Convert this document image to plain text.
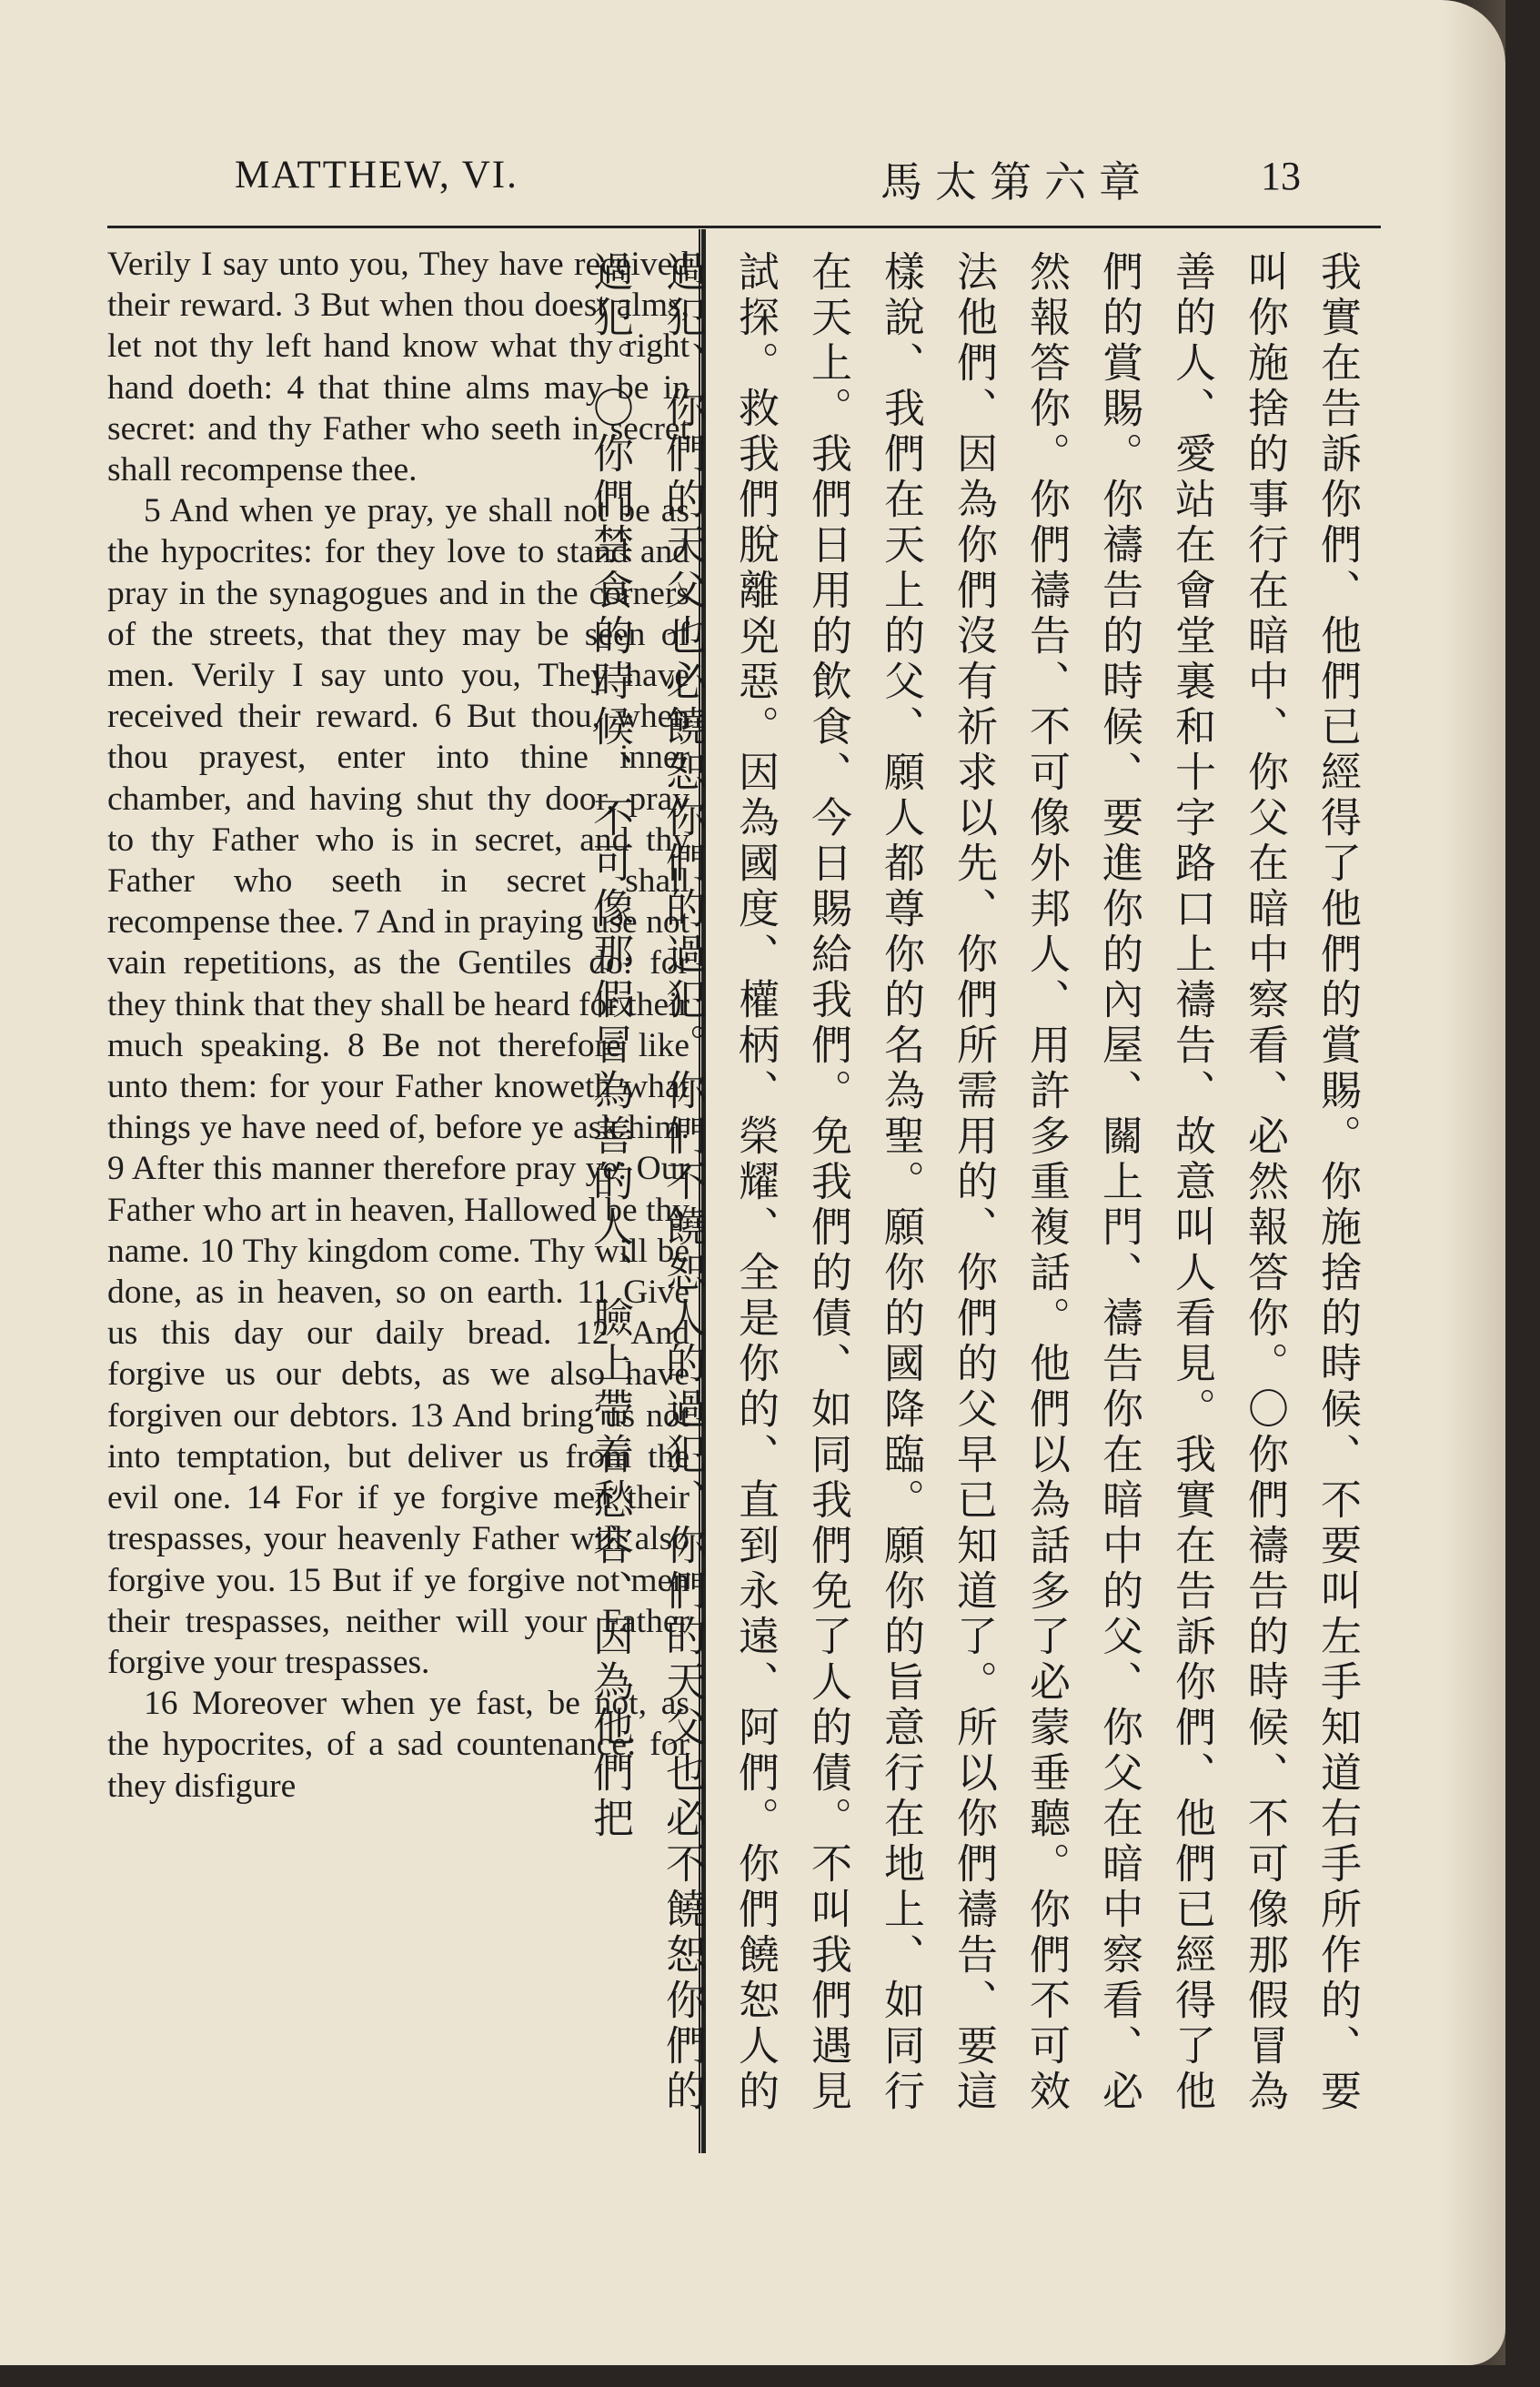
MATTHEW, VI.	馬太第六章	13

Verily I say unto you, They have received their reward. 3 But when thou doest alms, let not thy left hand know what thy right hand doeth: 4 that thine alms may be in secret: and thy Father who seeth in secret shall recompense thee.

5 And when ye pray, ye shall not be as the hypocrites: for they love to stand and pray in the synagogues and in the corners of the streets, that they may be seen of men. Verily I say unto you, They have received their reward. 6 But thou, when thou prayest, enter into thine inner chamber, and having shut thy door, pray to thy Father who is in secret, and thy Father who seeth in secret shall recompense thee. 7 And in praying use not vain repetitions, as the Gentiles do: for they think that they shall be heard for their much speaking. 8 Be not therefore like unto them: for your Father knoweth what things ye have need of, before ye ask him. 9 After this manner therefore pray ye: Our Father who art in heaven, Hallowed be thy name. 10 Thy kingdom come. Thy will be done, as in heaven, so on earth. 11 Give us this day our daily bread. 12 And forgive us our debts, as we also have forgiven our debtors. 13 And bring us not into temptation, but deliver us from the evil one. 14 For if ye forgive men their trespasses, your heavenly Father will also forgive you. 15 But if ye forgive not men their trespasses, neither will your Father forgive your trespasses.

16 Moreover when ye fast, be not, as the hypocrites, of a sad countenance: for they disfigure	我實在告訴你們、他們已經得了他們的賞賜。你施捨的時候、不要叫左手知道右手所作的、要叫你施捨的事行在暗中、你父在暗中察看、必然報答你。〇你們禱告的時候、不可像那假冒為善的人、愛站在會堂裏和十字路口上禱告、故意叫人看見。我實在告訴你們、他們已經得了他們的賞賜。你禱告的時候、要進你的內屋、關上門、禱告你在暗中的父、你父在暗中察看、必然報答你。你們禱告、不可像外邦人、用許多重複話。他們以為話多了必蒙垂聽。你們不可效法他們、因為你們沒有祈求以先、你們所需用的、你們的父早已知道了。所以你們禱告、要這樣說、我們在天上的父、願人都尊你的名為聖。願你的國降臨。願你的旨意行在地上、如同行在天上。我們日用的飲食、今日賜給我們。免我們的債、如同我們免了人的債。不叫我們遇見試探。救我們脫離兇惡。因為國度、權柄、榮耀、全是你的、直到永遠、阿們。你們饒恕人的過犯、你們的天父也必饒恕你們的過犯。你們不饒恕人的過犯、你們的天父也必不饒恕你們的過犯。〇你們禁食的時候、不可像那假冒為善的人、臉上帶着愁容、因為他們把
